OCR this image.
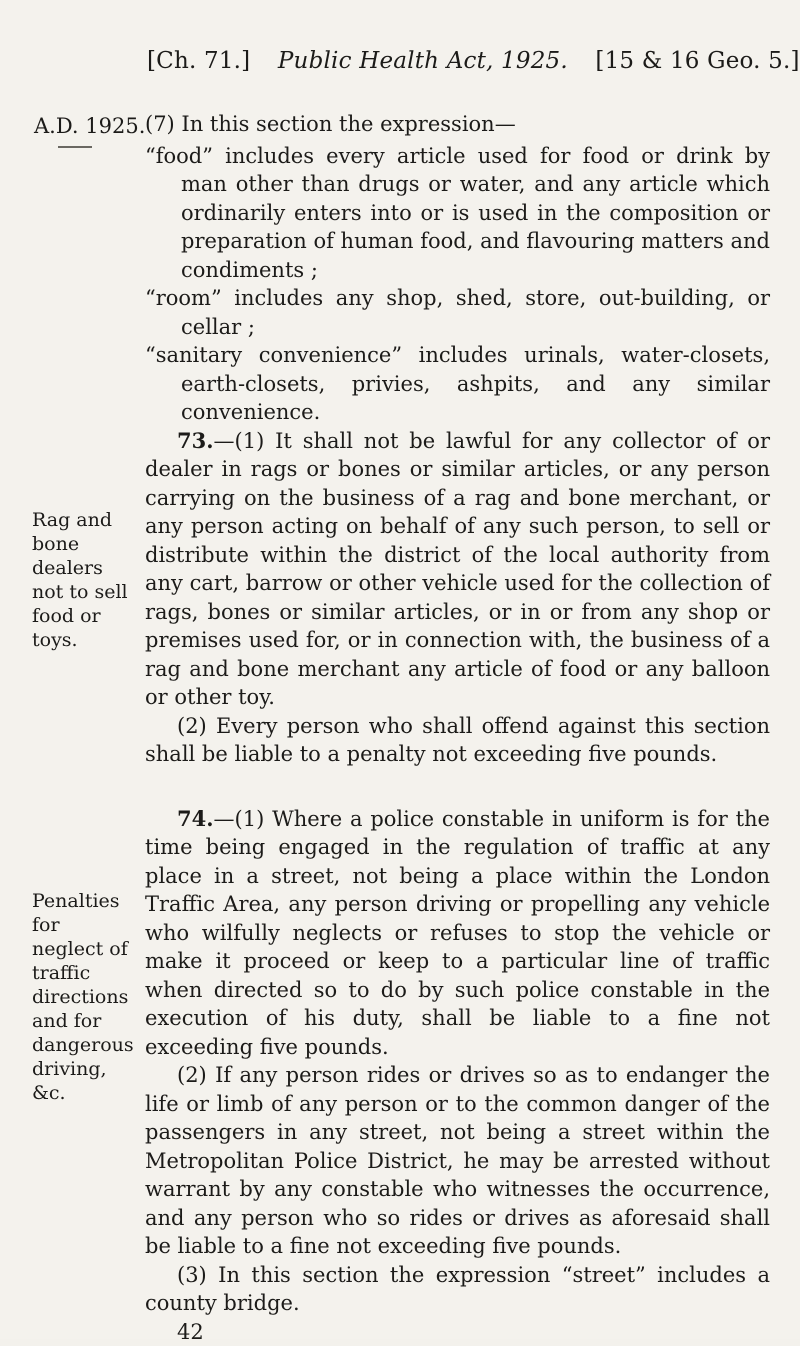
[Ch. 71.] Public Health Act, 1925. [15 & 16 Geo. 5.]
A.D. 1925.
Rag and bone dealers not to sell food or toys.
Penalties for neglect of traffic directions and for dangerous driving, &c.

(7) In this section the expression—

“food” includes every article used for food or drink by man other than drugs or water, and any article which ordinarily enters into or is used in the composition or preparation of human food, and flavouring matters and condiments ;

“room” includes any shop, shed, store, out-building, or cellar ;

“sanitary convenience” includes urinals, water-closets, earth-closets, privies, ashpits, and any similar convenience.

73.—(1) It shall not be lawful for any collector of or dealer in rags or bones or similar articles, or any person carrying on the business of a rag and bone merchant, or any person acting on behalf of any such person, to sell or distribute within the district of the local authority from any cart, barrow or other vehicle used for the collection of rags, bones or similar articles, or in or from any shop or premises used for, or in connection with, the business of a rag and bone merchant any article of food or any balloon or other toy.

(2) Every person who shall offend against this section shall be liable to a penalty not exceeding five pounds.

74.—(1) Where a police constable in uniform is for the time being engaged in the regulation of traffic at any place in a street, not being a place within the London Traffic Area, any person driving or propelling any vehicle who wilfully neglects or refuses to stop the vehicle or make it proceed or keep to a particular line of traffic when directed so to do by such police constable in the execution of his duty, shall be liable to a fine not exceeding five pounds.

(2) If any person rides or drives so as to endanger the life or limb of any person or to the common danger of the passengers in any street, not being a street within the Metropolitan Police District, he may be arrested without warrant by any constable who witnesses the occurrence, and any person who so rides or drives as aforesaid shall be liable to a fine not exceeding five pounds.

(3) In this section the expression “street” includes a county bridge.

42
